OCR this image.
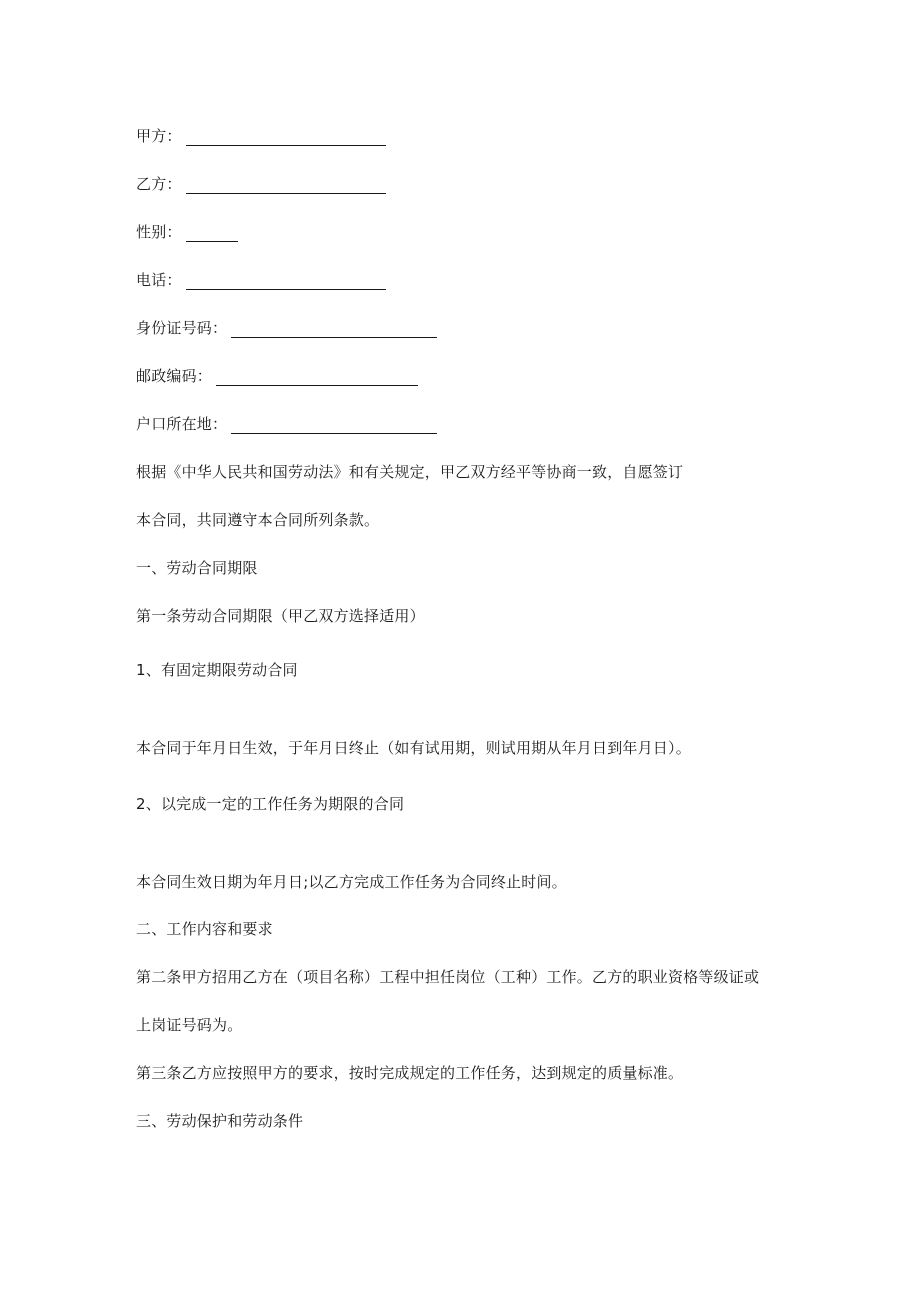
甲方：
乙方：
性别：
电话：
身份证号码：
邮政编码：
户口所在地：
根据《中华人民共和国劳动法》和有关规定，甲乙双方经平等协商一致，自愿签订
本合同，共同遵守本合同所列条款。
一、劳动合同期限
第一条劳动合同期限（甲乙双方选择适用）
1、有固定期限劳动合同
本合同于年月日生效，于年月日终止（如有试用期，则试用期从年月日到年月日）。
2、以完成一定的工作任务为期限的合同
本合同生效日期为年月日;以乙方完成工作任务为合同终止时间。
二、工作内容和要求
第二条甲方招用乙方在（项目名称）工程中担任岗位（工种）工作。乙方的职业资格等级证或
上岗证号码为。
第三条乙方应按照甲方的要求，按时完成规定的工作任务，达到规定的质量标准。
三、劳动保护和劳动条件
